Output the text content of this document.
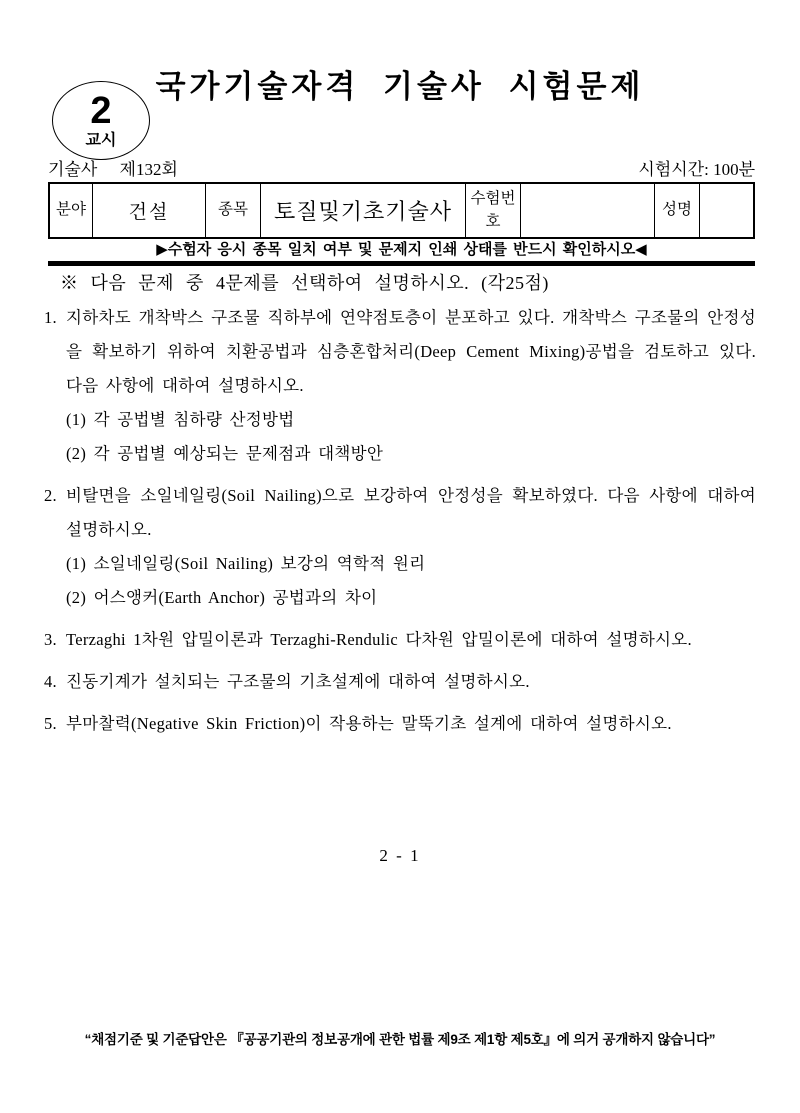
2
교시
국가기술자격 기술사 시험문제
기술사 제132회	시험시간: 100분
분야	건설	종목	토질및기초기술사	수험번호		성명	
▶수험자 응시 종목 일치 여부 및 문제지 인쇄 상태를 반드시 확인하시오◀
※ 다음 문제 중 4문제를 선택하여 설명하시오. (각25점)
1. 지하차도 개착박스 구조물 직하부에 연약점토층이 분포하고 있다. 개착박스 구조물의 안정성을 확보하기 위하여 치환공법과 심층혼합처리(Deep Cement Mixing)공법을 검토하고 있다. 다음 사항에 대하여 설명하시오.
(1) 각 공법별 침하량 산정방법
(2) 각 공법별 예상되는 문제점과 대책방안
2. 비탈면을 소일네일링(Soil Nailing)으로 보강하여 안정성을 확보하였다. 다음 사항에 대하여 설명하시오.
(1) 소일네일링(Soil Nailing) 보강의 역학적 원리
(2) 어스앵커(Earth Anchor) 공법과의 차이
3. Terzaghi 1차원 압밀이론과 Terzaghi-Rendulic 다차원 압밀이론에 대하여 설명하시오.
4. 진동기계가 설치되는 구조물의 기초설계에 대하여 설명하시오.
5. 부마찰력(Negative Skin Friction)이 작용하는 말뚝기초 설계에 대하여 설명하시오.
2 - 1
“채점기준 및 기준답안은 『공공기관의 정보공개에 관한 법률 제9조 제1항 제5호』에 의거 공개하지 않습니다”
